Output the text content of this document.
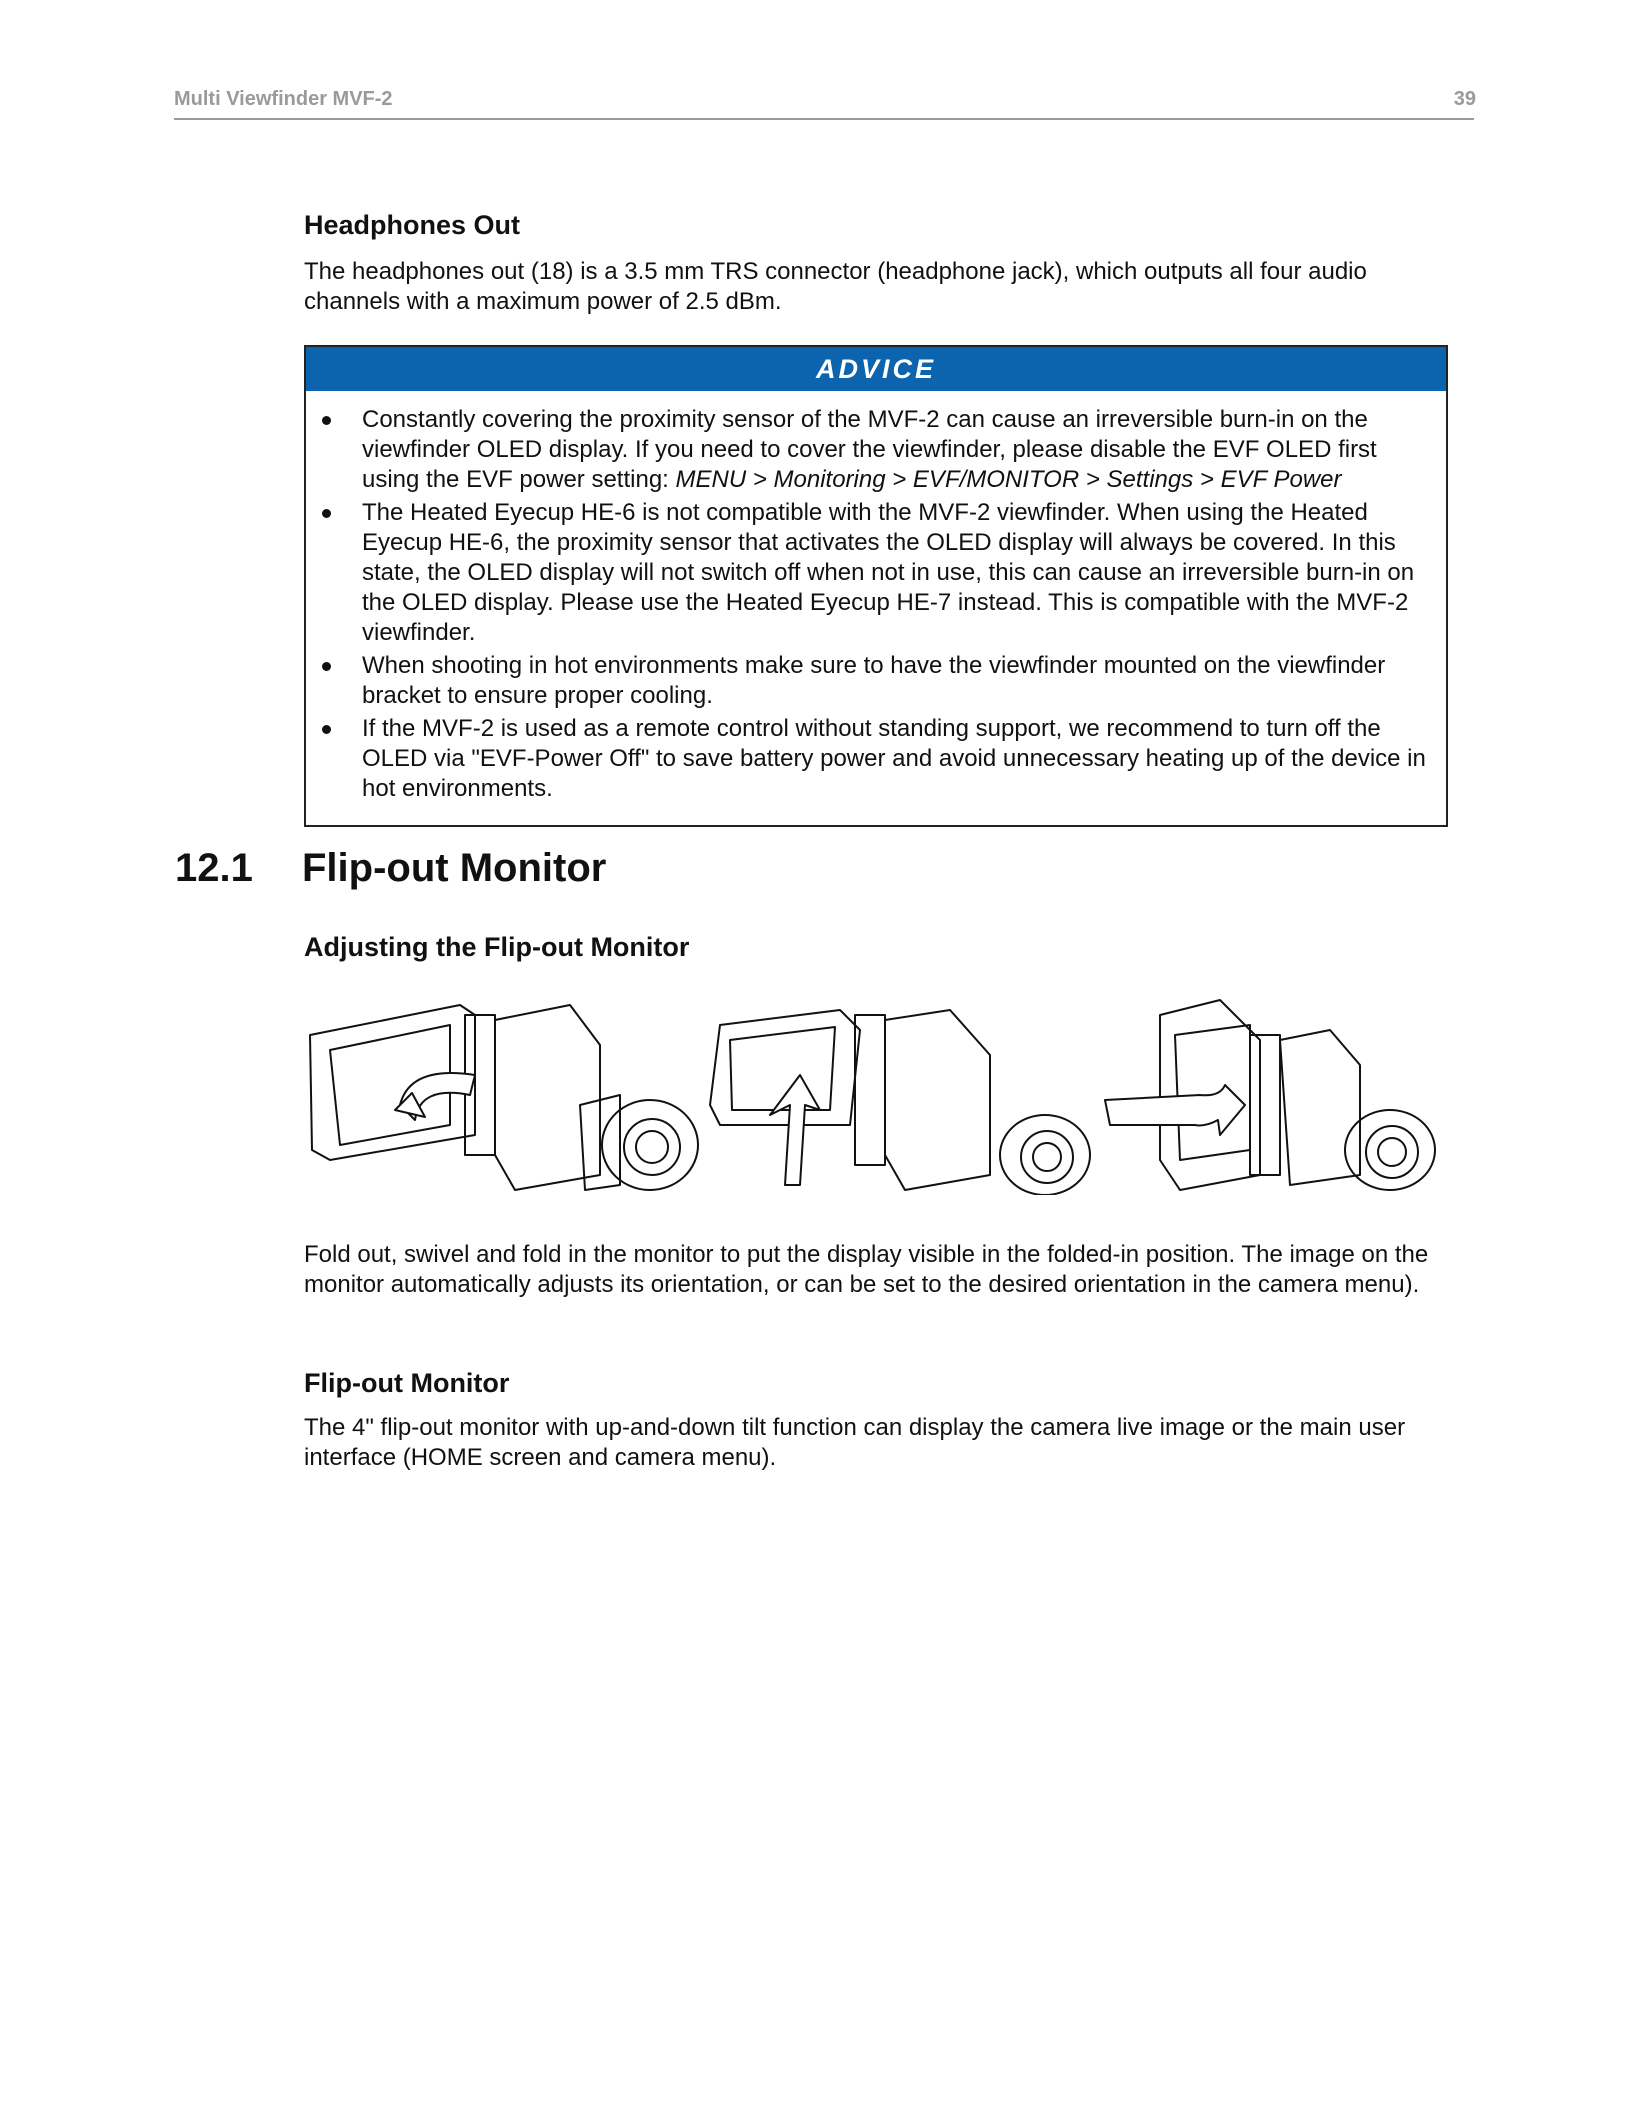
Multi Viewfinder MVF-2	39
Headphones Out
The headphones out (18) is a 3.5 mm TRS connector (headphone jack), which outputs all four audio channels with a maximum power of 2.5 dBm.
ADVICE
Constantly covering the proximity sensor of the MVF-2 can cause an irreversible burn-in on the viewfinder OLED display. If you need to cover the viewfinder, please disable the EVF OLED first using the EVF power setting: MENU > Monitoring > EVF/MONITOR > Settings > EVF Power
The Heated Eyecup HE-6 is not compatible with the MVF-2 viewfinder. When using the Heated Eyecup HE-6, the proximity sensor that activates the OLED display will always be covered. In this state, the OLED display will not switch off when not in use, this can cause an irreversible burn-in on the OLED display. Please use the Heated Eyecup HE-7 instead. This is compatible with the MVF-2 viewfinder.
When shooting in hot environments make sure to have the viewfinder mounted on the viewfinder bracket to ensure proper cooling.
If the MVF-2 is used as a remote control without standing support, we recommend to turn off the OLED via "EVF-Power Off" to save battery power and avoid unnecessary heating up of the device in hot environments.
12.1 Flip-out Monitor
Adjusting the Flip-out Monitor
Fold out, swivel and fold in the monitor to put the display visible in the folded-in position. The image on the monitor automatically adjusts its orientation, or can be set to the desired orientation in the camera menu).
Flip-out Monitor
The 4" flip-out monitor with up-and-down tilt function can display the camera live image or the main user interface (HOME screen and camera menu).
